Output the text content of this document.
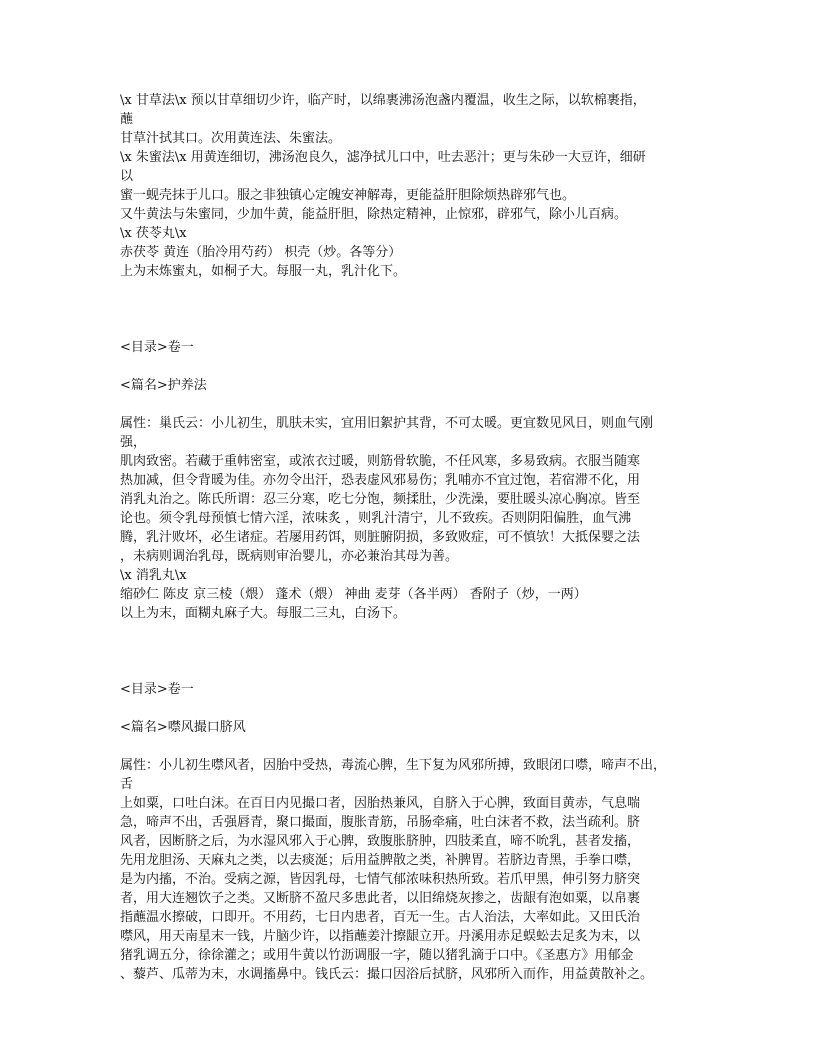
\x 甘草法\x 预以甘草细切少许，临产时，以绵裹沸汤泡盏内覆温，收生之际，以软棉裹指，
蘸
甘草汁拭其口。次用黄连法、朱蜜法。
\x 朱蜜法\x 用黄连细切，沸汤泡良久，滤净拭儿口中，吐去恶汁；更与朱砂一大豆许，细研
以
蜜一蚬壳抹于儿口。服之非独镇心定魄安神解毒，更能益肝胆除烦热辟邪气也。
又牛黄法与朱蜜同，少加牛黄，能益肝胆，除热定精神，止惊邪，辟邪气，除小儿百病。
\x 茯苓丸\x
赤茯苓 黄连（胎冷用芍药） 枳壳（炒。各等分）
上为末炼蜜丸，如桐子大。每服一丸，乳汁化下。
<目录>卷一
<篇名>护养法
属性：巢氏云：小儿初生，肌肤未实，宜用旧絮护其背，不可太暖。更宜数见风日，则血气刚
强，
肌肉致密。若藏于重帏密室，或浓衣过暖，则筋骨软脆，不任风寒，多易致病。衣服当随寒
热加减，但令背暖为佳。亦勿令出汗，恐表虚风邪易伤；乳哺亦不宜过饱，若宿滞不化，用
消乳丸治之。陈氏所谓：忍三分寒，吃七分饱，频揉肚，少洗澡，要肚暖头凉心胸凉。皆至
论也。须令乳母预慎七情六淫，浓味炙 ，则乳汁清宁，儿不致疾。否则阴阳偏胜，血气沸
腾，乳汁败坏，必生诸症。若屡用药饵，则脏腑阴损，多致败症，可不慎欤！大抵保婴之法
，未病则调治乳母，既病则审治婴儿，亦必兼治其母为善。
\x 消乳丸\x
缩砂仁 陈皮 京三棱（煨） 蓬术（煨） 神曲 麦芽（各半两） 香附子（炒，一两）
以上为末，面糊丸麻子大。每服二三丸，白汤下。
<目录>卷一
<篇名>噤风撮口脐风
属性：小儿初生噤风者，因胎中受热，毒流心脾，生下复为风邪所搏，致眼闭口噤，啼声不出，
舌
上如粟，口吐白沫。在百日内见撮口者，因胎热兼风，自脐入于心脾，致面目黄赤，气息喘
急，啼声不出，舌强唇青，聚口撮面，腹胀青筋，吊肠牵痛，吐白沫者不救，法当疏利。脐
风者，因断脐之后，为水湿风邪入于心脾，致腹胀脐肿，四肢柔直，啼不吮乳，甚者发搐，
先用龙胆汤、天麻丸之类，以去痰涎；后用益脾散之类，补脾胃。若脐边青黑，手拳口噤，
是为内搐，不治。受病之源，皆因乳母，七情气郁浓味积热所致。若爪甲黑，伸引努力脐突
者，用大连翘饮子之类。又断脐不盈尺多患此者，以旧绵烧灰掺之，齿龈有泡如粟，以帛裹
指蘸温水擦破，口即开。不用药，七日内患者，百无一生。古人治法，大率如此。又田氏治
噤风，用天南星末一钱，片脑少许，以指蘸姜汁擦龈立开。丹溪用赤足蜈蚣去足炙为末，以
猪乳调五分，徐徐灌之；或用牛黄以竹沥调服一字，随以猪乳滴于口中。《圣惠方》用郁金
、藜芦、瓜蒂为末，水调搐鼻中。钱氏云：撮口因浴后拭脐，风邪所入而作，用益黄散补之。
